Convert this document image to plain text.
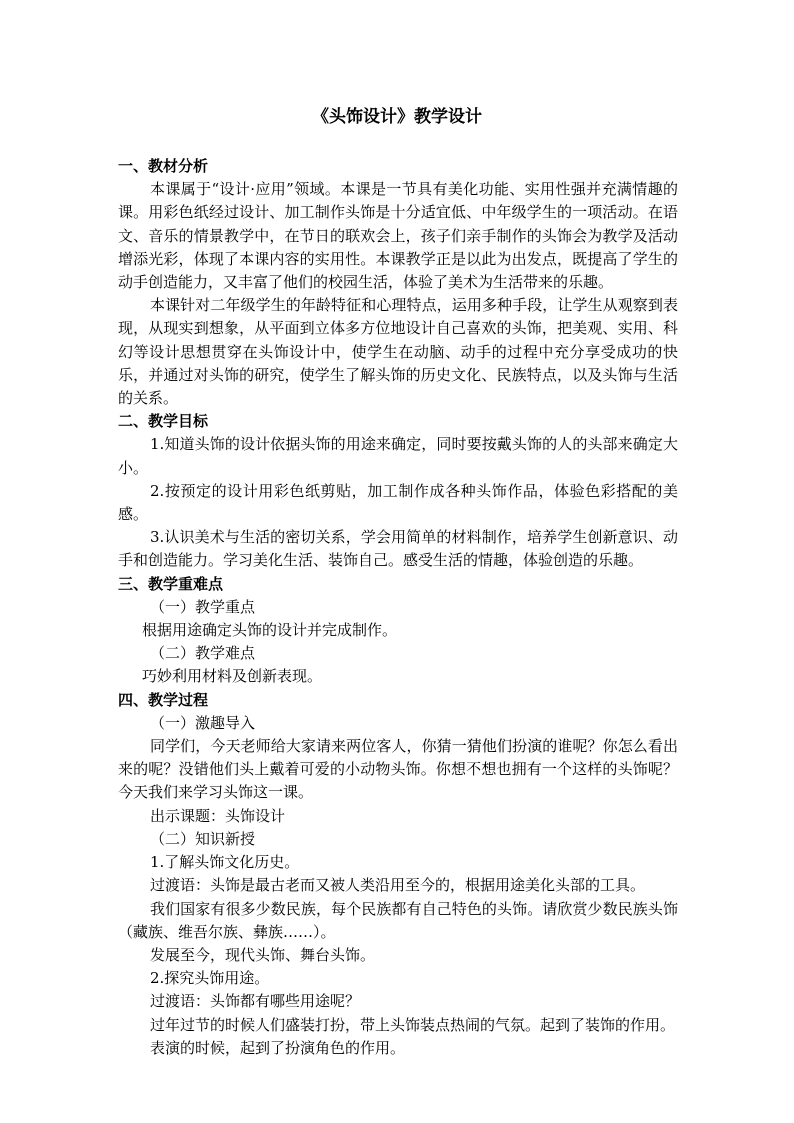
《头饰设计》教学设计

一、教材分析

本课属于“设计·应用”领域。本课是一节具有美化功能、实用性强并充满情趣的课。用彩色纸经过设计、加工制作头饰是十分适宜低、中年级学生的一项活动。在语文、音乐的情景教学中，在节日的联欢会上，孩子们亲手制作的头饰会为教学及活动增添光彩，体现了本课内容的实用性。本课教学正是以此为出发点，既提高了学生的动手创造能力，又丰富了他们的校园生活，体验了美术为生活带来的乐趣。

本课针对二年级学生的年龄特征和心理特点，运用多种手段，让学生从观察到表现，从现实到想象，从平面到立体多方位地设计自己喜欢的头饰，把美观、实用、科幻等设计思想贯穿在头饰设计中，使学生在动脑、动手的过程中充分享受成功的快乐，并通过对头饰的研究，使学生了解头饰的历史文化、民族特点，以及头饰与生活的关系。

二、教学目标

1.知道头饰的设计依据头饰的用途来确定，同时要按戴头饰的人的头部来确定大小。

2.按预定的设计用彩色纸剪贴，加工制作成各种头饰作品，体验色彩搭配的美感。

3.认识美术与生活的密切关系，学会用简单的材料制作，培养学生创新意识、动手和创造能力。学习美化生活、装饰自己。感受生活的情趣，体验创造的乐趣。

三、教学重难点

（一）教学重点

根据用途确定头饰的设计并完成制作。

（二）教学难点

巧妙利用材料及创新表现。

四、教学过程

（一）激趣导入

同学们，今天老师给大家请来两位客人，你猜一猜他们扮演的谁呢？你怎么看出来的呢？没错他们头上戴着可爱的小动物头饰。你想不想也拥有一个这样的头饰呢？今天我们来学习头饰这一课。

出示课题：头饰设计

（二）知识新授

1.了解头饰文化历史。

过渡语：头饰是最古老而又被人类沿用至今的，根据用途美化头部的工具。

我们国家有很多少数民族，每个民族都有自己特色的头饰。请欣赏少数民族头饰（藏族、维吾尔族、彝族……）。

发展至今，现代头饰、舞台头饰。

2.探究头饰用途。

过渡语：头饰都有哪些用途呢？

过年过节的时候人们盛装打扮，带上头饰装点热闹的气氛。起到了装饰的作用。

表演的时候，起到了扮演角色的作用。
